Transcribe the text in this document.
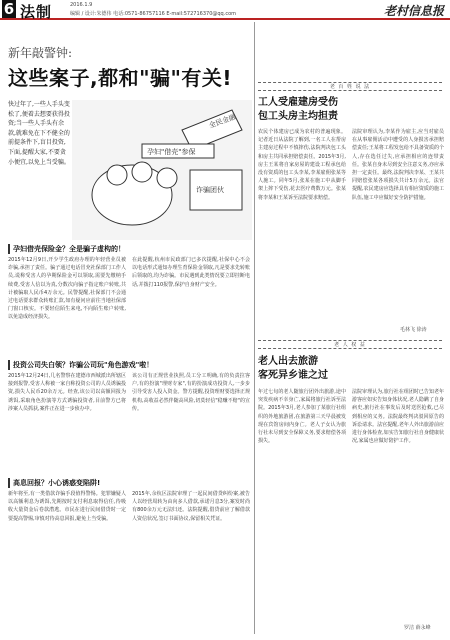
6 法制	2016.1.9
编辑 / 设计:朱德伟 电话:0571-86757116 E-mail:572716370@qq.com	老村信息报
新年敲警钟:
这些案子,都和"骗"有关!
快过年了,一些人手头变松了,便着去想要获得投资;当一些人手头有余款,就难免在下不健全的前提条件下,盲目投资,下面,提醒大家,不要贪小便宜,以免上当受骗。
全民金融
孕妇"借壳"参保
诈骗团伙
孕妇借壳保险金？全是骗子虚构的！
2015年12月9日,开少学生政府办理的年轻营业员被诈骗,承担了责任。骗子通过电话冒充社保部门工作人员,谎称受害人的孕期保险金可以领取,需要先缴纳手续费,受害人信以为真,分数次向骗子指定账户转账,共计被骗取人民币4万余元。民警提醒,社保部门不会通过电话要求群众转账汇款,如有疑问应前往当地社保部门窗口核实。不要轻信陌生来电,不向陌生账户转账,以免造成经济损失。
在此提醒,杭州市民政部门已多次提醒,社保中心不会以电话形式通知办理生育保险金领取,凡是要求先转账后领取的,均为诈骗。市民遇到此类情况要立即挂断电话,并拨打110报警,保护自身财产安全。
投资公司失白领？诈骗公司玩"角色游戏"啦！
2015年12月24日,几名警察在建德市西城派出所辖区接到报警,受害人称被一家自称投资公司的人员诱骗投资,损失人民币20余万元。经查,该公司以高额回报为诱饵,采取角色扮演等方式诱骗投资者,目前警方已将涉案人员抓获,案件正在进一步侦办中。
该公司有正规营业执照,员工分工明确,有的负责拉客户,有的扮演"理财专家",有的扮演成功投资人,一步步引导受害人投入资金。警方提醒,投资理财要选择正规机构,高收益必然伴随高风险,切莫轻信"稳赚不赔"的宣传。
高息回报？小心诱惑变陷阱!
新年将至,有一类借款诈骗手段值得警惕。犯罪嫌疑人以高额利息为诱饵,先期按时支付利息取得信任,待吸收大量资金后卷款潜逃。市民在进行民间借贷时一定要提高警惕,审慎对待高息回报,避免上当受骗。
2015年,余杭区法院审理了一起民间借贷纠纷案,被告人以经营周转为由向多人借款,承诺月息3分,案发时尚有800余万元无法归还。法院提醒,借贷前应了解借款人资信状况,签订书面协议,保留相关凭证。
老 百 姓 说 法
工人受雇建房受伤
包工头房主均担责
农民个体建房已成为农村的普遍现象。记者近日从法院了解到,一名工人在帮房主建房过程中不慎摔伤,法院判决包工头和房主共同承担赔偿责任。2015年3月,房主王某将自家房屋的建设工程承包给没有资质的包工头李某,李某雇佣张某等人施工。同年5月,张某在施工中从脚手架上摔下受伤,花去医疗费数万元。张某将李某和王某诉至法院要求赔偿。
法院审理认为,李某作为雇主,应当对雇员在从事雇佣活动中遭受的人身损害承担赔偿责任;王某将工程发包给不具备资质的个人,存在选任过失,应承担相应的连带责任。张某自身未尽到安全注意义务,亦应承担一定责任。最终,法院判决李某、王某共同赔偿张某各项损失共计5万余元。法官提醒,农民建房应选择具有相应资质的施工队伍,施工中应做好安全防护措施。
毛林飞 徐涛
老 人 权 益
老人出去旅游
客死异乡谁之过
年过七旬的老人随旅行团外出旅游,途中突发疾病不幸身亡,家属将旅行社诉至法院。2015年3月,老人参加了某旅行社组织的外地旅游团,在旅游第三天早晨被发现在宾馆房间内身亡。老人子女认为旅行社未尽到安全保障义务,要求赔偿各项损失。
法院审理认为,旅行社在组团时已告知老年游客应如实告知身体状况,老人隐瞒了自身病史,旅行社在事发后及时送医抢救,已尽到相应的义务。法院最终判决驳回原告的诉讼请求。法官提醒,老年人外出旅游前应进行身体检查,如实告知旅行社自身健康状况,家属也应做好陪护工作。
罗洁 薛永峰
